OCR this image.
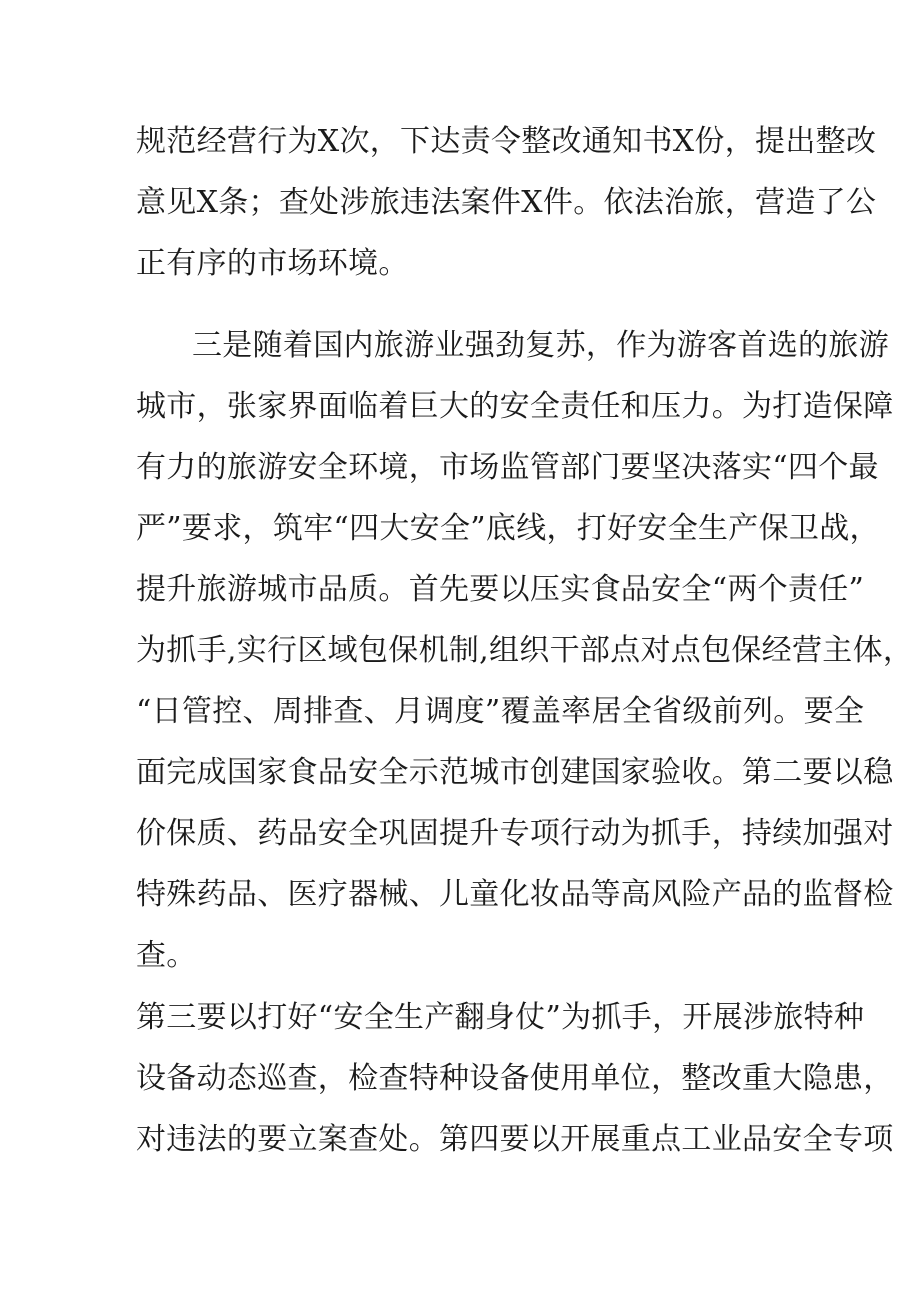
规范经营行为X次，下达责令整改通知书X份，提出整改
意见X条；查处涉旅违法案件X件。依法治旅，营造了公
正有序的市场环境。
三是随着国内旅游业强劲复苏，作为游客首选的旅游
城市，张家界面临着巨大的安全责任和压力。为打造保障
有力的旅游安全环境，市场监管部门要坚决落实“四个最
严”要求，筑牢“四大安全”底线，打好安全生产保卫战，
提升旅游城市品质。首先要以压实食品安全“两个责任”
为抓手,实行区域包保机制,组织干部点对点包保经营主体，
“日管控、周排查、月调度”覆盖率居全省级前列。要全
面完成国家食品安全示范城市创建国家验收。第二要以稳
价保质、药品安全巩固提升专项行动为抓手，持续加强对
特殊药品、医疗器械、儿童化妆品等高风险产品的监督检
查。
第三要以打好“安全生产翻身仗”为抓手，开展涉旅特种
设备动态巡查，检查特种设备使用单位，整改重大隐患，
对违法的要立案查处。第四要以开展重点工业品安全专项
